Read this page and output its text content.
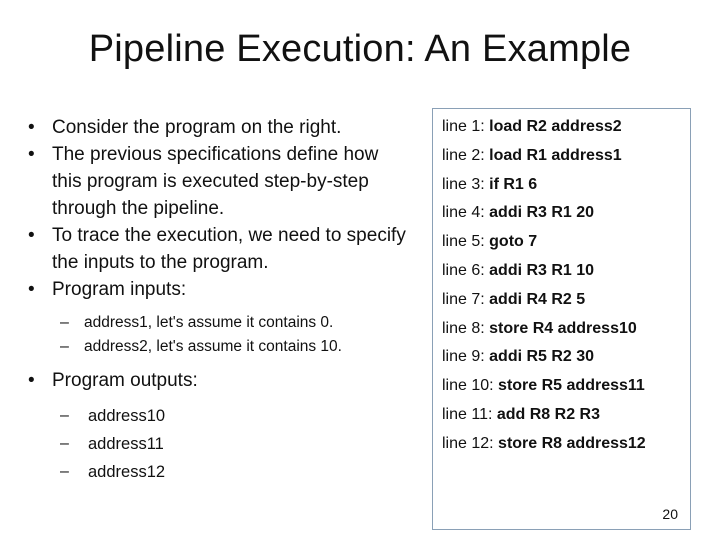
Pipeline Execution: An Example

• Consider the program on the right.

• The previous specifications define how this program is executed step-by-step through the pipeline.

• To trace the execution, we need to specify the inputs to the program.

• Program inputs:

– address1, let's assume it contains 0.
– address2, let's assume it contains 10.

• Program outputs:

– address10
– address11
– address12
line 1: load R2 address2
line 2: load R1 address1
line 3: if R1 6
line 4: addi R3 R1 20
line 5: goto 7
line 6: addi R3 R1 10
line 7: addi R4 R2 5
line 8: store R4 address10
line 9: addi R5 R2 30
line 10: store R5 address11
line 11: add R8 R2 R3
line 12: store R8 address12
20
